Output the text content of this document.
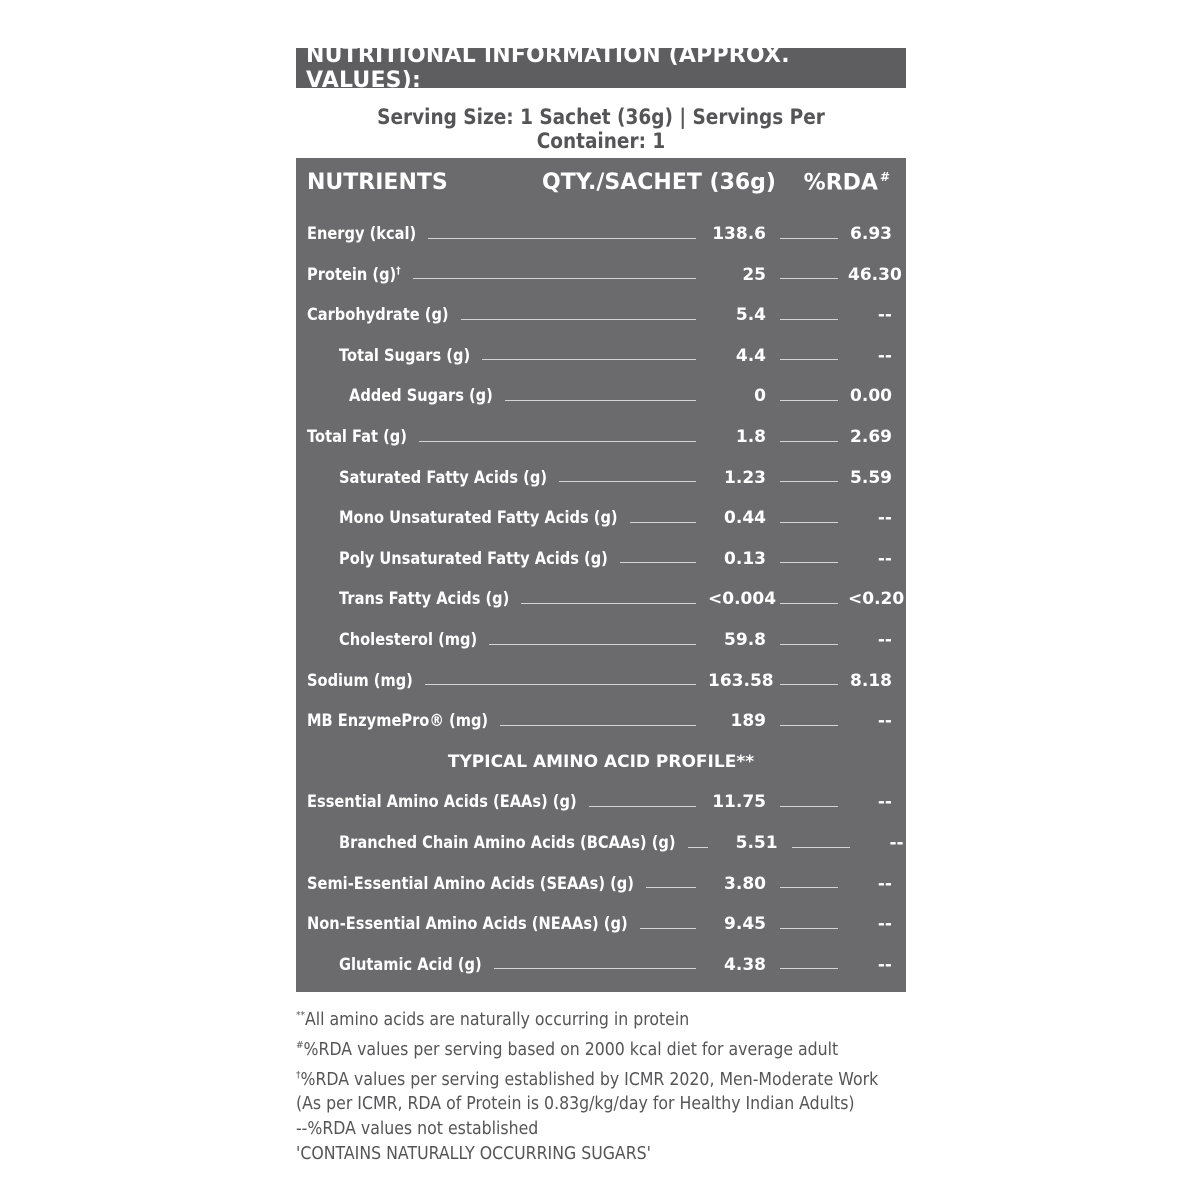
NUTRITIONAL INFORMATION (APPROX. VALUES):
Serving Size: 1 Sachet (36g) | Servings Per Container: 1
NUTRIENTS	QTY./SACHET (36g) %RDA #
Energy (kcal)	138.6	6.93
Protein (g)†	25	46.30
Carbohydrate (g)	5.4	--
Total Sugars (g)	4.4	--
Added Sugars (g)	0	0.00
Total Fat (g)	1.8	2.69
Saturated Fatty Acids (g)	1.23	5.59
Mono Unsaturated Fatty Acids (g)	0.44	--
Poly Unsaturated Fatty Acids (g)	0.13	--
Trans Fatty Acids (g)	<0.004	<0.20
Cholesterol (mg)	59.8	--
Sodium (mg)	163.58	8.18
MB EnzymePro® (mg)	189	--
TYPICAL AMINO ACID PROFILE**
Essential Amino Acids (EAAs) (g)	11.75	--
Branched Chain Amino Acids (BCAAs) (g)	5.51	--
Semi-Essential Amino Acids (SEAAs) (g)	3.80	--
Non-Essential Amino Acids (NEAAs) (g)	9.45	--
Glutamic Acid (g)	4.38	--
**All amino acids are naturally occurring in protein
#%RDA values per serving based on 2000 kcal diet for average adult
†%RDA values per serving established by ICMR 2020, Men-Moderate Work
(As per ICMR, RDA of Protein is 0.83g/kg/day for Healthy Indian Adults)
--%RDA values not established
'CONTAINS NATURALLY OCCURRING SUGARS'
